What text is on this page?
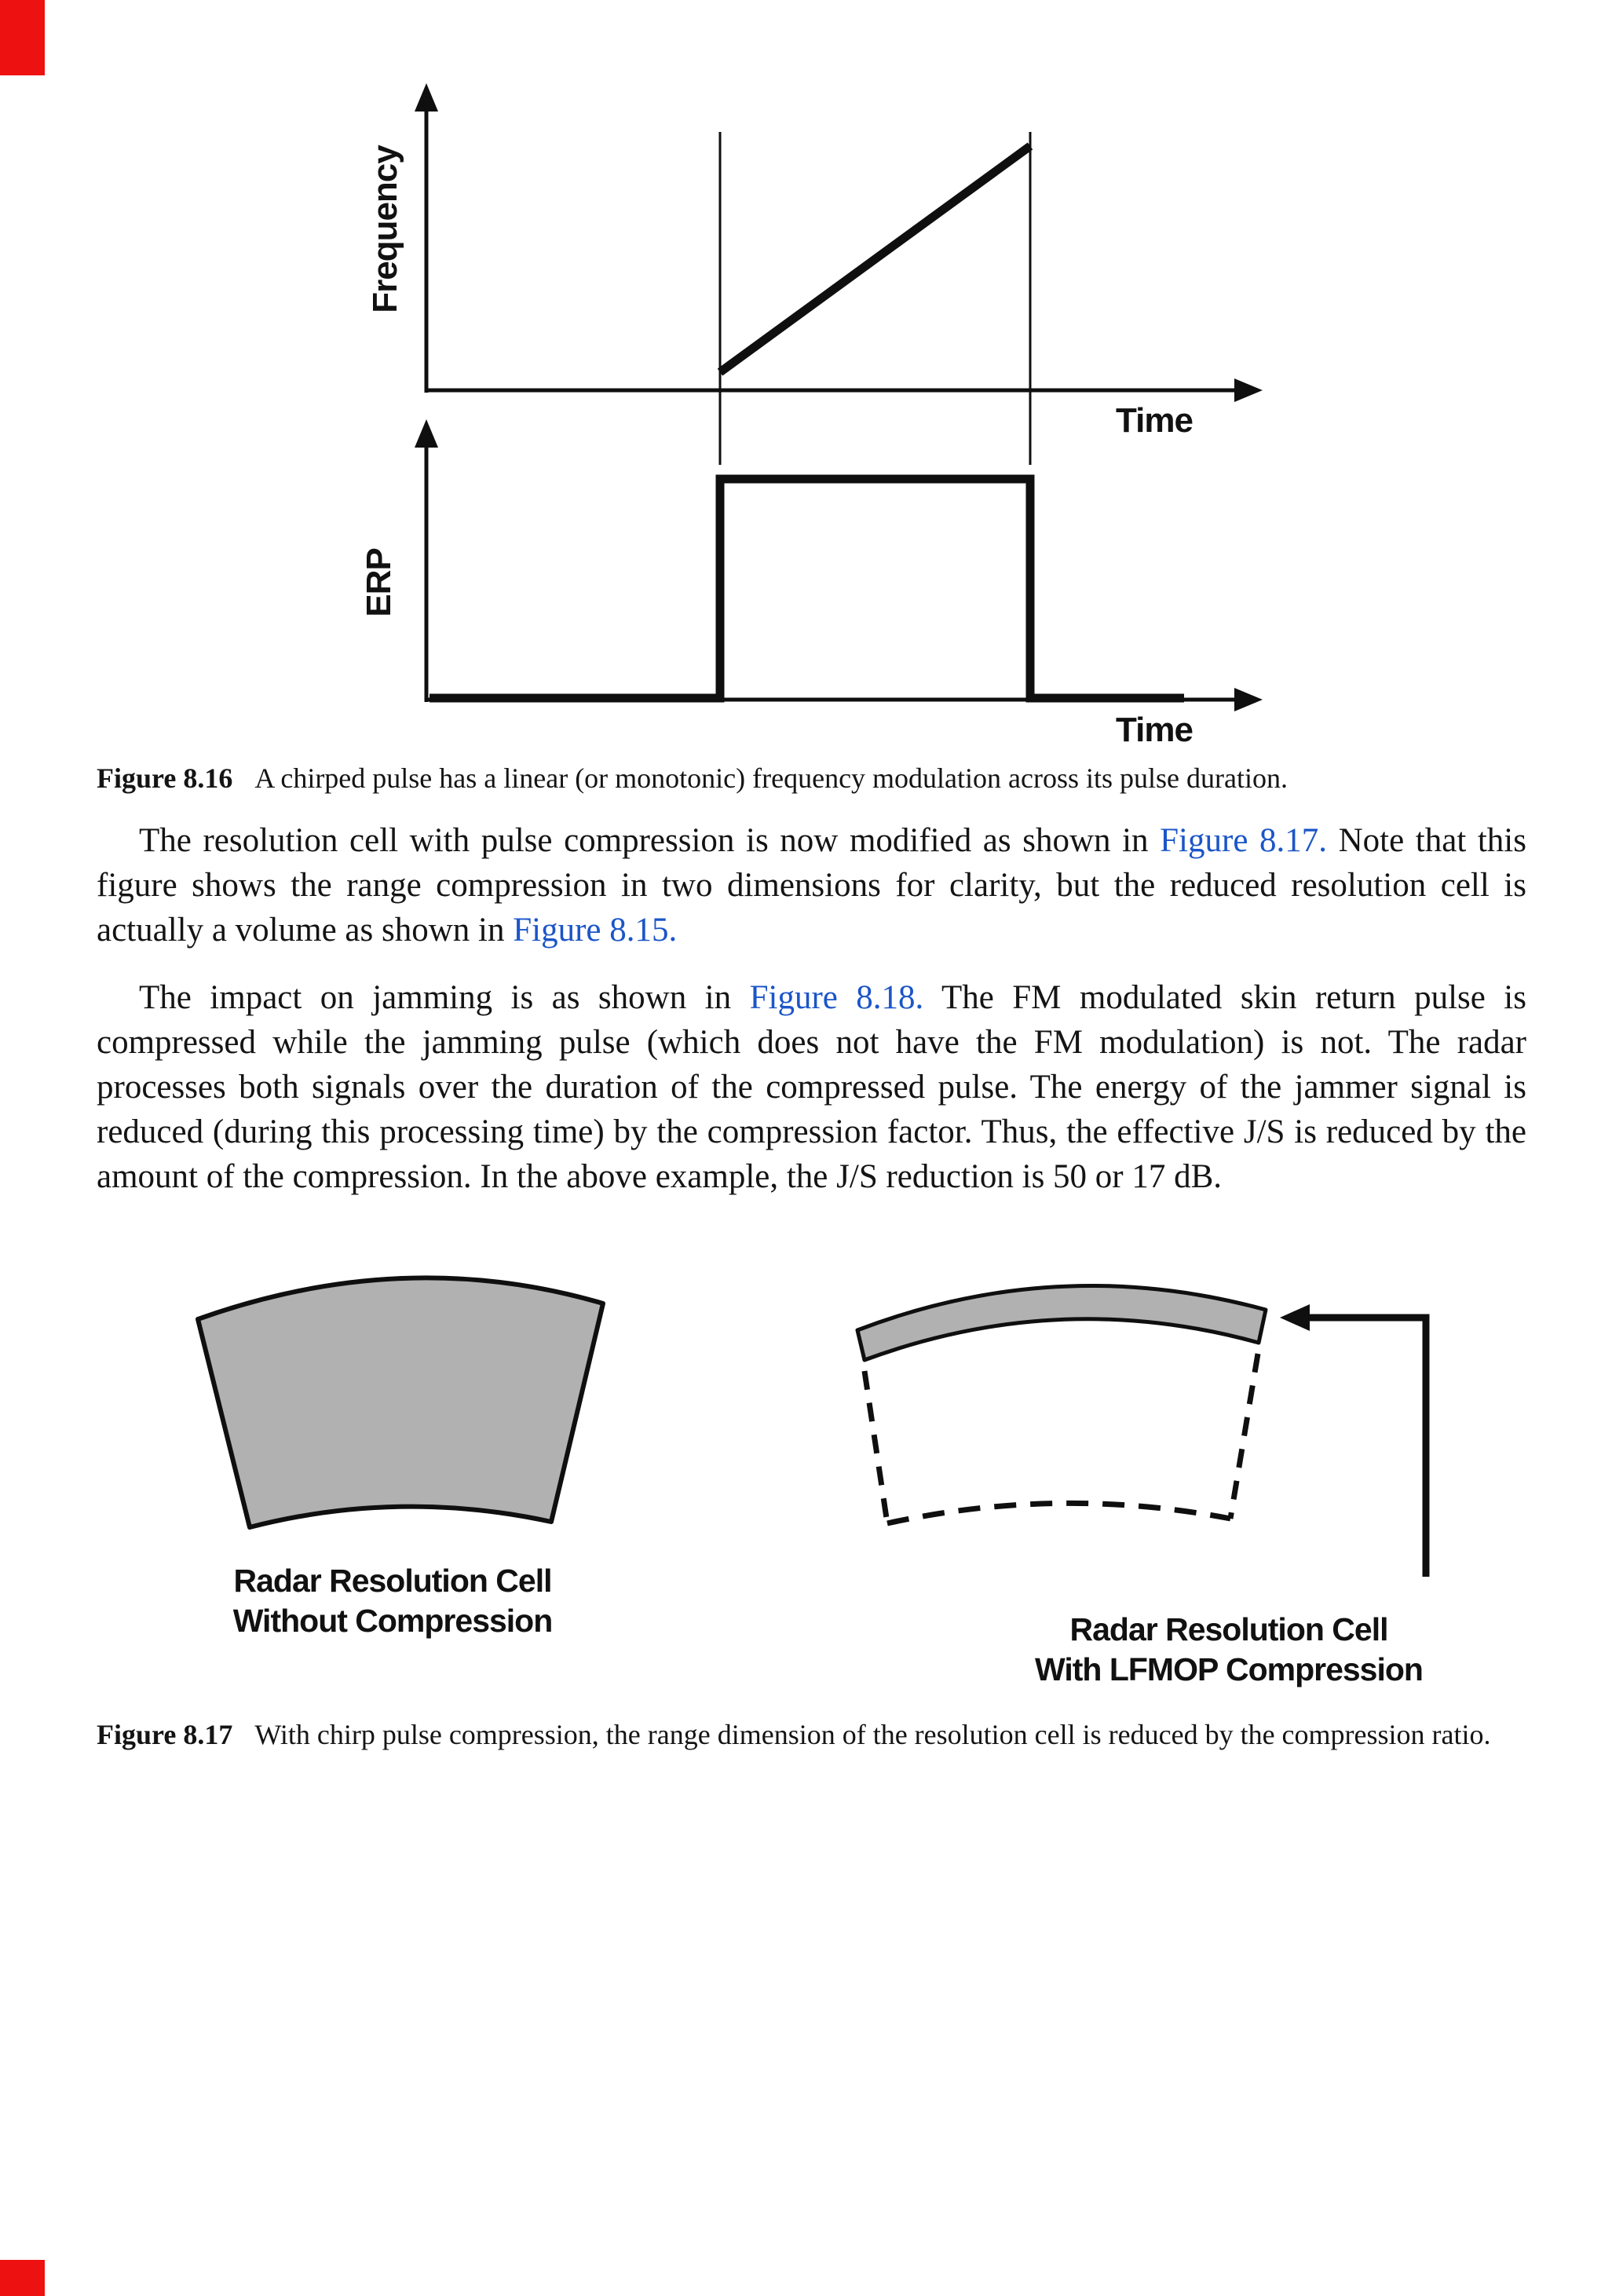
Frequency
Time
ERP
Time
Figure 8.16 A chirped pulse has a linear (or monotonic) frequency modulation across its pulse duration.

The resolution cell with pulse compression is now modified as shown in Figure 8.17. Note that this figure shows the range compression in two dimensions for clarity, but the reduced resolution cell is actually a volume as shown in Figure 8.15.

The impact on jamming is as shown in Figure 8.18. The FM modulated skin return pulse is compressed while the jamming pulse (which does not have the FM modulation) is not. The radar processes both signals over the duration of the compressed pulse. The energy of the jammer signal is reduced (during this processing time) by the compression factor. Thus, the effective J/S is reduced by the amount of the compression. In the above example, the J/S reduction is 50 or 17 dB.

Radar Resolution Cell
Without Compression	Radar Resolution Cell
With LFMOP Compression
Figure 8.17 With chirp pulse compression, the range dimension of the resolution cell is reduced by the compression ratio.
